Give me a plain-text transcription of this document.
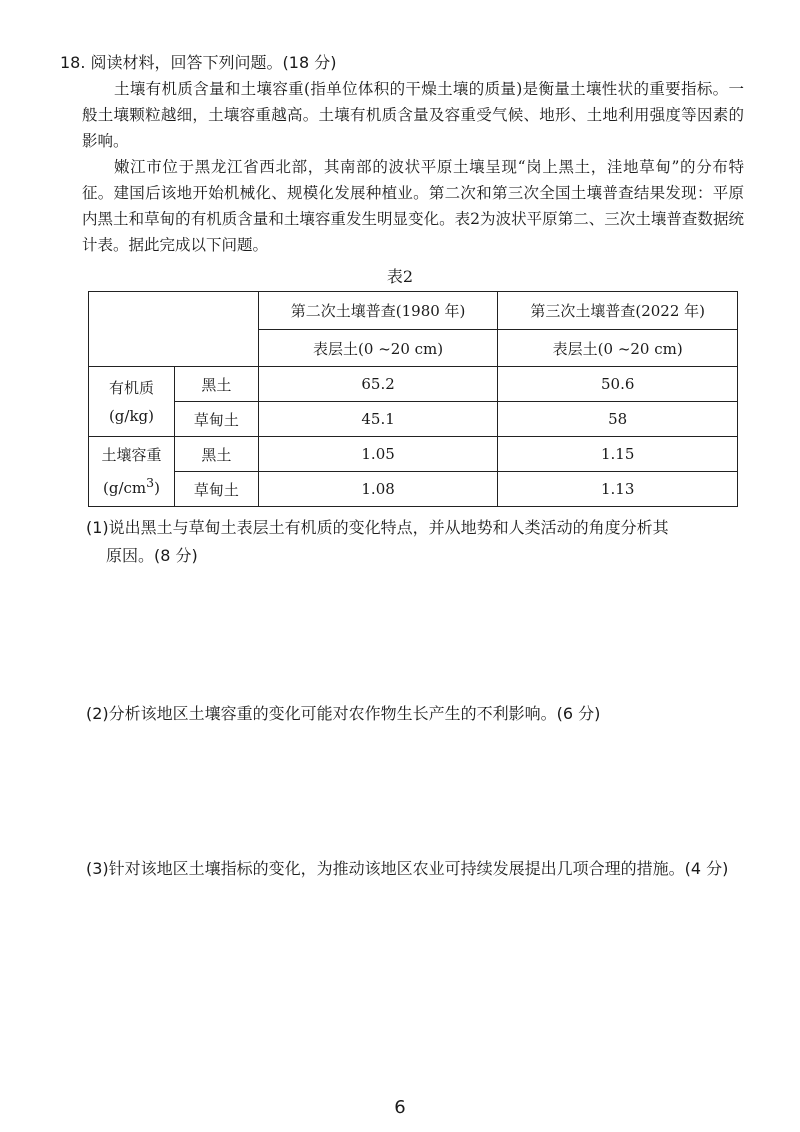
18. 阅读材料，回答下列问题。(18 分)
土壤有机质含量和土壤容重(指单位体积的干燥土壤的质量)是衡量土壤性状的重要指标。一般土壤颗粒越细，土壤容重越高。土壤有机质含量及容重受气候、地形、土地利用强度等因素的影响。
嫩江市位于黑龙江省西北部，其南部的波状平原土壤呈现“岗上黑土，洼地草甸”的分布特征。建国后该地开始机械化、规模化发展种植业。第二次和第三次全国土壤普查结果发现：平原内黑土和草甸的有机质含量和土壤容重发生明显变化。表2为波状平原第二、三次土壤普查数据统计表。据此完成以下问题。
表2
		第二次土壤普查(1980 年)	第三次土壤普查(2022 年)
		表层土(0 ~20 cm)	表层土(0 ~20 cm)
有机质
(g/kg)	黑土	65.2	50.6
	草甸土	45.1	58
土壤容重
$(g/cm^3)$	黑土	1.05	1.15
	草甸土	1.08	1.13
(1)说出黑土与草甸土表层土有机质的变化特点，并从地势和人类活动的角度分析其
原因。(8 分)
(2)分析该地区土壤容重的变化可能对农作物生长产生的不利影响。(6 分)
(3)针对该地区土壤指标的变化，为推动该地区农业可持续发展提出几项合理的措施。(4 分)
6
